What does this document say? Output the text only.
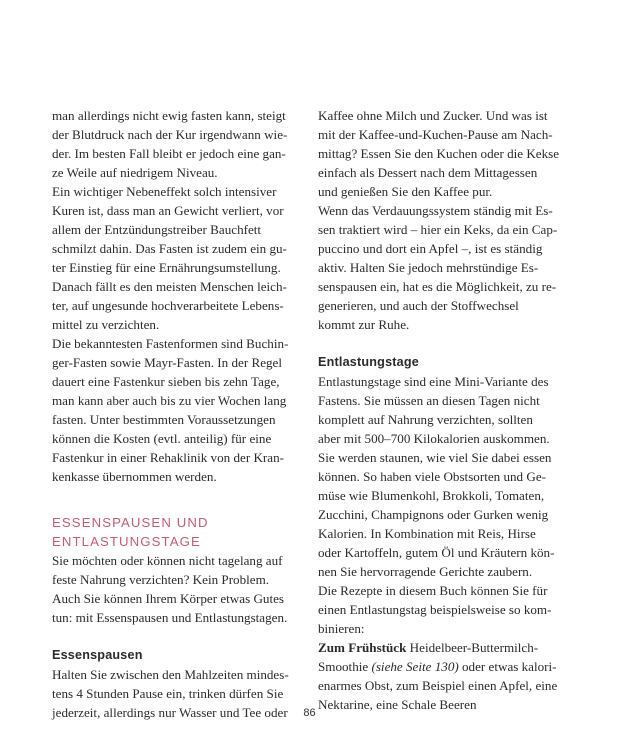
man allerdings nicht ewig fasten kann, steigt
der Blutdruck nach der Kur irgendwann wie-
der. Im besten Fall bleibt er jedoch eine gan-
ze Weile auf niedrigem Niveau.
Ein wichtiger Nebeneffekt solch intensiver
Kuren ist, dass man an Gewicht verliert, vor
allem der Entzündungstreiber Bauchfett
schmilzt dahin. Das Fasten ist zudem ein gu-
ter Einstieg für eine Ernährungsumstellung.
Danach fällt es den meisten Menschen leich-
ter, auf ungesunde hochverarbeitete Lebens-
mittel zu verzichten.
Die bekanntesten Fastenformen sind Buchin-
ger-Fasten sowie Mayr-Fasten. In der Regel
dauert eine Fastenkur sieben bis zehn Tage,
man kann aber auch bis zu vier Wochen lang
fasten. Unter bestimmten Voraussetzungen
können die Kosten (evtl. anteilig) für eine
Fastenkur in einer Rehaklinik von der Kran-
kenkasse übernommen werden.
ESSENSPAUSEN UND
ENTLASTUNGSTAGE
Sie möchten oder können nicht tagelang auf
feste Nahrung verzichten? Kein Problem.
Auch Sie können Ihrem Körper etwas Gutes
tun: mit Essenspausen und Entlastungstagen.
Essenspausen
Halten Sie zwischen den Mahlzeiten mindes-
tens 4 Stunden Pause ein, trinken dürfen Sie
jederzeit, allerdings nur Wasser und Tee oder
Kaffee ohne Milch und Zucker. Und was ist
mit der Kaffee-und-Kuchen-Pause am Nach-
mittag? Essen Sie den Kuchen oder die Kekse
einfach als Dessert nach dem Mittagessen
und genießen Sie den Kaffee pur.
Wenn das Verdauungssystem ständig mit Es-
sen traktiert wird – hier ein Keks, da ein Cap-
puccino und dort ein Apfel –, ist es ständig
aktiv. Halten Sie jedoch mehrstündige Es-
senspausen ein, hat es die Möglichkeit, zu re-
generieren, und auch der Stoffwechsel
kommt zur Ruhe.
Entlastungstage
Entlastungstage sind eine Mini-Variante des
Fastens. Sie müssen an diesen Tagen nicht
komplett auf Nahrung verzichten, sollten
aber mit 500–700 Kilokalorien auskommen.
Sie werden staunen, wie viel Sie dabei essen
können. So haben viele Obstsorten und Ge-
müse wie Blumenkohl, Brokkoli, Tomaten,
Zucchini, Champignons oder Gurken wenig
Kalorien. In Kombination mit Reis, Hirse
oder Kartoffeln, gutem Öl und Kräutern kön-
nen Sie hervorragende Gerichte zaubern.
Die Rezepte in diesem Buch können Sie für
einen Entlastungstag beispielsweise so kom-
binieren:
Zum Frühstück Heidelbeer-Buttermilch-
Smoothie (siehe Seite 130) oder etwas kalori-
enarmes Obst, zum Beispiel einen Apfel, eine
Nektarine, eine Schale Beeren
86
